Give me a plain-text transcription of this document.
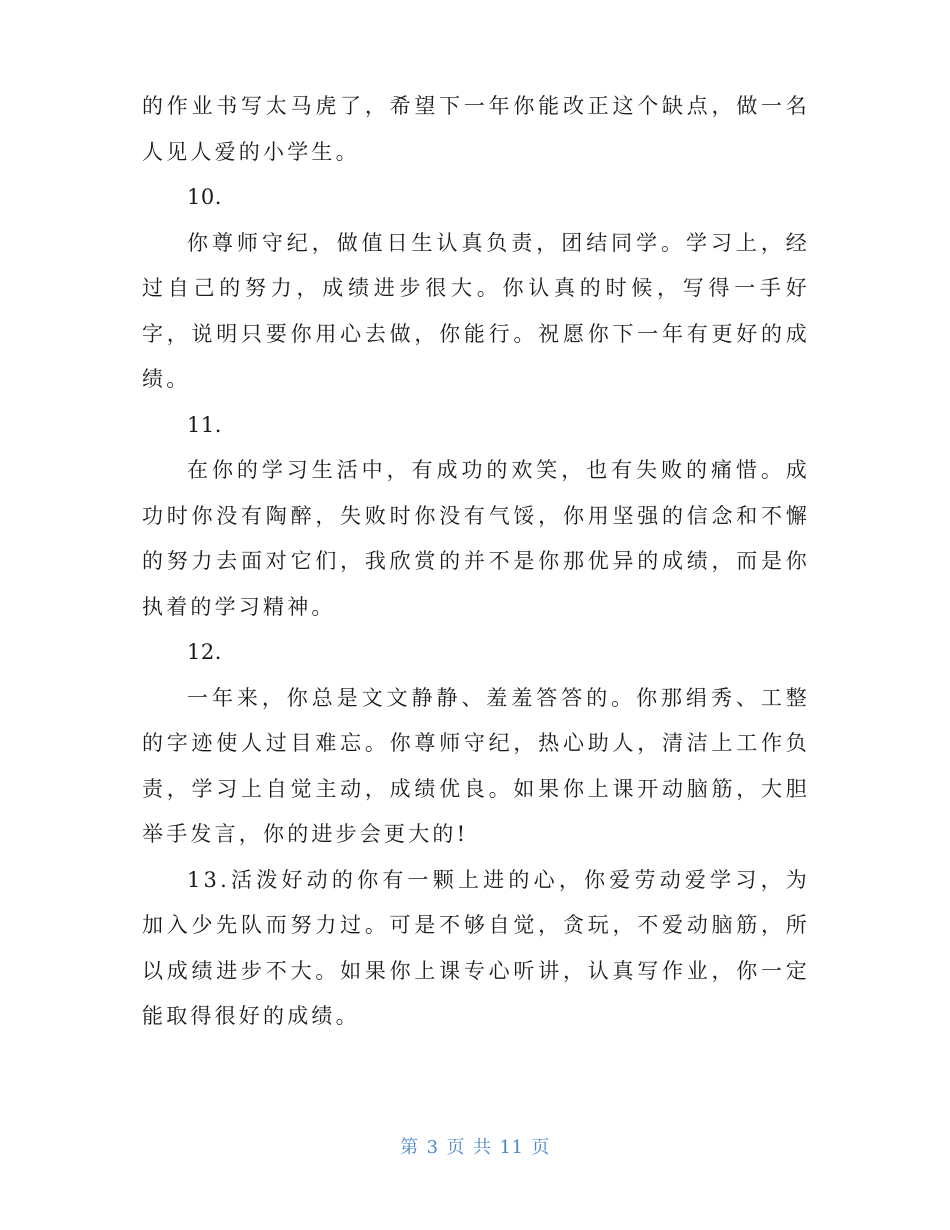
的作业书写太马虎了，希望下一年你能改正这个缺点，做一名人见人爱的小学生。

10.

你尊师守纪，做值日生认真负责，团结同学。学习上，经过自己的努力，成绩进步很大。你认真的时候，写得一手好字，说明只要你用心去做，你能行。祝愿你下一年有更好的成绩。

11.

在你的学习生活中，有成功的欢笑，也有失败的痛惜。成功时你没有陶醉，失败时你没有气馁，你用坚强的信念和不懈的努力去面对它们，我欣赏的并不是你那优异的成绩，而是你执着的学习精神。

12.

一年来，你总是文文静静、羞羞答答的。你那绢秀、工整的字迹使人过目难忘。你尊师守纪，热心助人，清洁上工作负责，学习上自觉主动，成绩优良。如果你上课开动脑筋，大胆举手发言，你的进步会更大的!

13.活泼好动的你有一颗上进的心，你爱劳动爱学习，为加入少先队而努力过。可是不够自觉，贪玩，不爱动脑筋，所以成绩进步不大。如果你上课专心听讲，认真写作业，你一定能取得很好的成绩。

第 3 页 共 11 页
